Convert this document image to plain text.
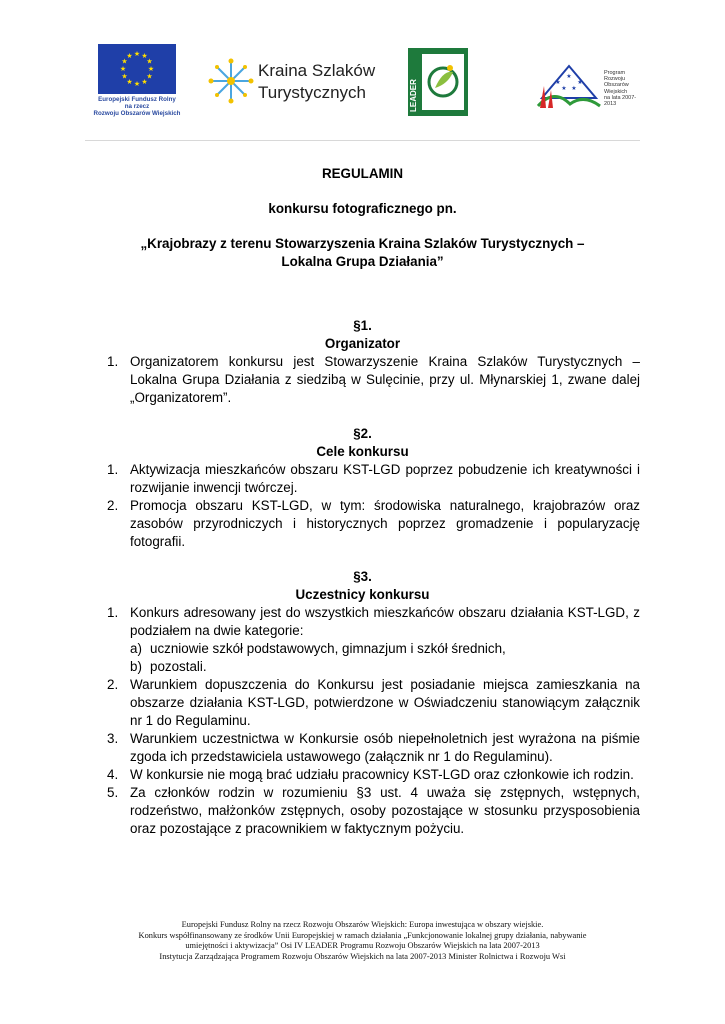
★ ★
★
★
★
★
★
★
★
★
★
★
Europejski Fundusz Rolny
na rzecz
Rozwoju Obszarów Wiejskich
Kraina Szlaków
Turystycznych	LEADER
★
★	★
★ ★
Program
Rozwoju
Obszarów
Wiejskich
na lata 2007-2013
REGULAMIN
konkursu fotograficznego pn.
„Krajobrazy z terenu Stowarzyszenia Kraina Szlaków Turystycznych –
Lokalna Grupa Działania”
§1.
Organizator
1. Organizatorem konkursu jest Stowarzyszenie Kraina Szlaków Turystycznych – Lokalna Grupa Działania z siedzibą w Sulęcinie, przy ul. Młynarskiej 1, zwane dalej „Organizatorem”.
§2.
Cele konkursu
1. Aktywizacja mieszkańców obszaru KST-LGD poprzez pobudzenie ich kreatywności i rozwijanie inwencji twórczej.
2. Promocja obszaru KST-LGD, w tym: środowiska naturalnego, krajobrazów oraz zasobów przyrodniczych i historycznych poprzez gromadzenie i popularyzację fotografii.
§3.
Uczestnicy konkursu
1. Konkurs adresowany jest do wszystkich mieszkańców obszaru działania KST-LGD, z podziałem na dwie kategorie:
a) uczniowie szkół podstawowych, gimnazjum i szkół średnich,
b) pozostali.
2. Warunkiem dopuszczenia do Konkursu jest posiadanie miejsca zamieszkania na obszarze działania KST-LGD, potwierdzone w Oświadczeniu stanowiącym załącznik nr 1 do Regulaminu.
3. Warunkiem uczestnictwa w Konkursie osób niepełnoletnich jest wyrażona na piśmie zgoda ich przedstawiciela ustawowego (załącznik nr 1 do Regulaminu).
4. W konkursie nie mogą brać udziału pracownicy KST-LGD oraz członkowie ich rodzin.
5. Za członków rodzin w rozumieniu §3 ust. 4 uważa się zstępnych, wstępnych, rodzeństwo, małżonków zstępnych, osoby pozostające w stosunku przysposobienia oraz pozostające z pracownikiem w faktycznym pożyciu.
Europejski Fundusz Rolny na rzecz Rozwoju Obszarów Wiejskich: Europa inwestująca w obszary wiejskie.
Konkurs współfinansowany ze środków Unii Europejskiej w ramach działania „Funkcjonowanie lokalnej grupy działania, nabywanie
umiejętności i aktywizacja” Osi IV LEADER Programu Rozwoju Obszarów Wiejskich na lata 2007-2013
Instytucja Zarządzająca Programem Rozwoju Obszarów Wiejskich na lata 2007-2013 Minister Rolnictwa i Rozwoju Wsi
